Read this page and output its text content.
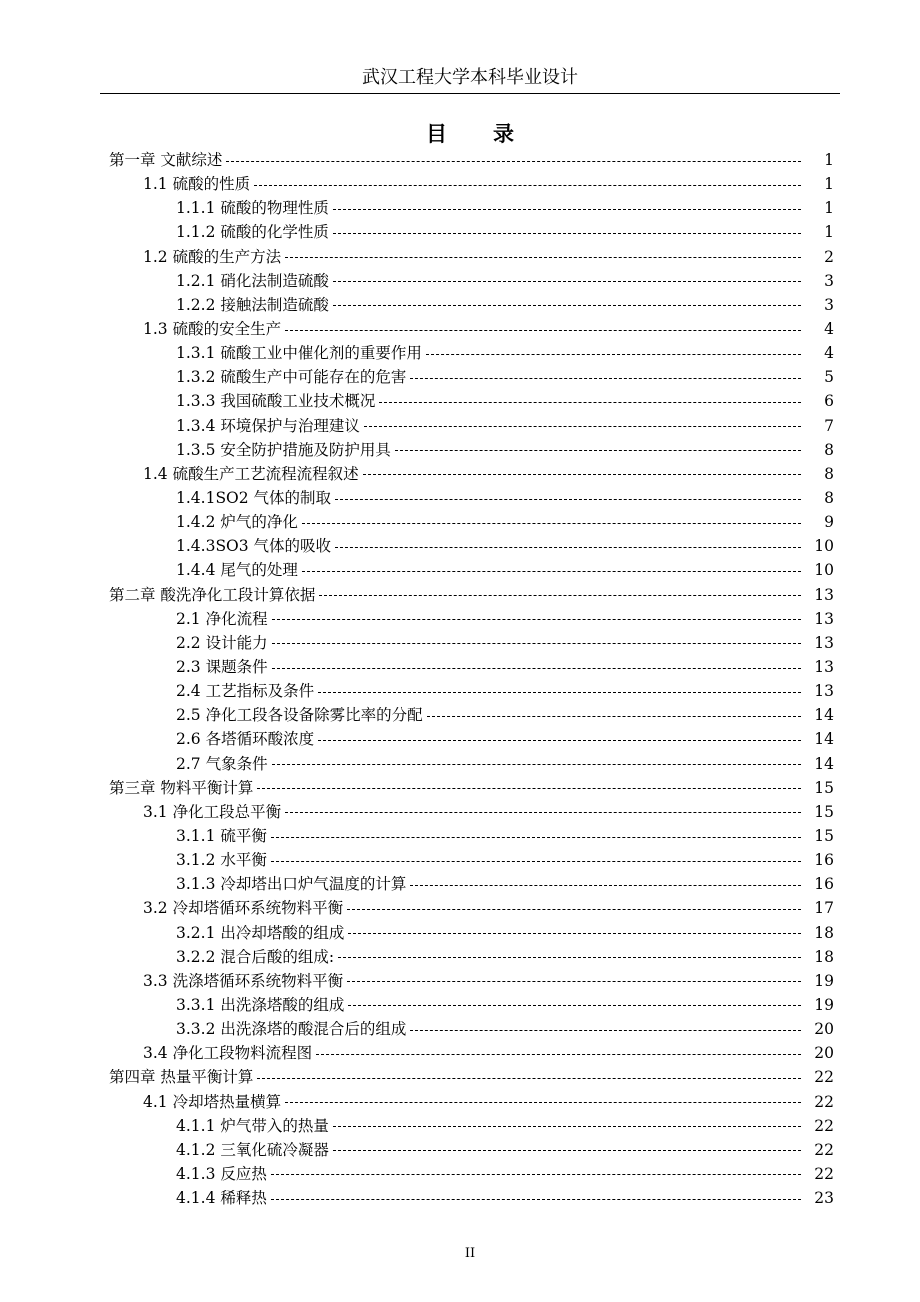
武汉工程大学本科毕业设计
目 录
第一章 文献综述	1
1.1 硫酸的性质	1
1.1.1 硫酸的物理性质	1
1.1.2 硫酸的化学性质	1
1.2 硫酸的生产方法	2
1.2.1 硝化法制造硫酸	3
1.2.2 接触法制造硫酸	3
1.3 硫酸的安全生产	4
1.3.1 硫酸工业中催化剂的重要作用	4
1.3.2 硫酸生产中可能存在的危害	5
1.3.3 我国硫酸工业技术概况	6
1.3.4 环境保护与治理建议	7
1.3.5 安全防护措施及防护用具	8
1.4 硫酸生产工艺流程流程叙述	8
1.4.1SO2 气体的制取	8
1.4.2 炉气的净化	9
1.4.3SO3 气体的吸收	10
1.4.4 尾气的处理	10
第二章 酸洗净化工段计算依据	13
2.1 净化流程	13
2.2 设计能力	13
2.3 课题条件	13
2.4 工艺指标及条件	13
2.5 净化工段各设备除雾比率的分配	14
2.6 各塔循环酸浓度	14
2.7 气象条件	14
第三章 物料平衡计算	15
3.1 净化工段总平衡	15
3.1.1 硫平衡	15
3.1.2 水平衡	16
3.1.3 冷却塔出口炉气温度的计算	16
3.2 冷却塔循环系统物料平衡	17
3.2.1 出冷却塔酸的组成	18
3.2.2 混合后酸的组成:	18
3.3 洗涤塔循环系统物料平衡	19
3.3.1 出洗涤塔酸的组成	19
3.3.2 出洗涤塔的酸混合后的组成	20
3.4 净化工段物料流程图	20
第四章 热量平衡计算	22
4.1 冷却塔热量横算	22
4.1.1 炉气带入的热量	22
4.1.2 三氧化硫冷凝器	22
4.1.3 反应热	22
4.1.4 稀释热	23
II
